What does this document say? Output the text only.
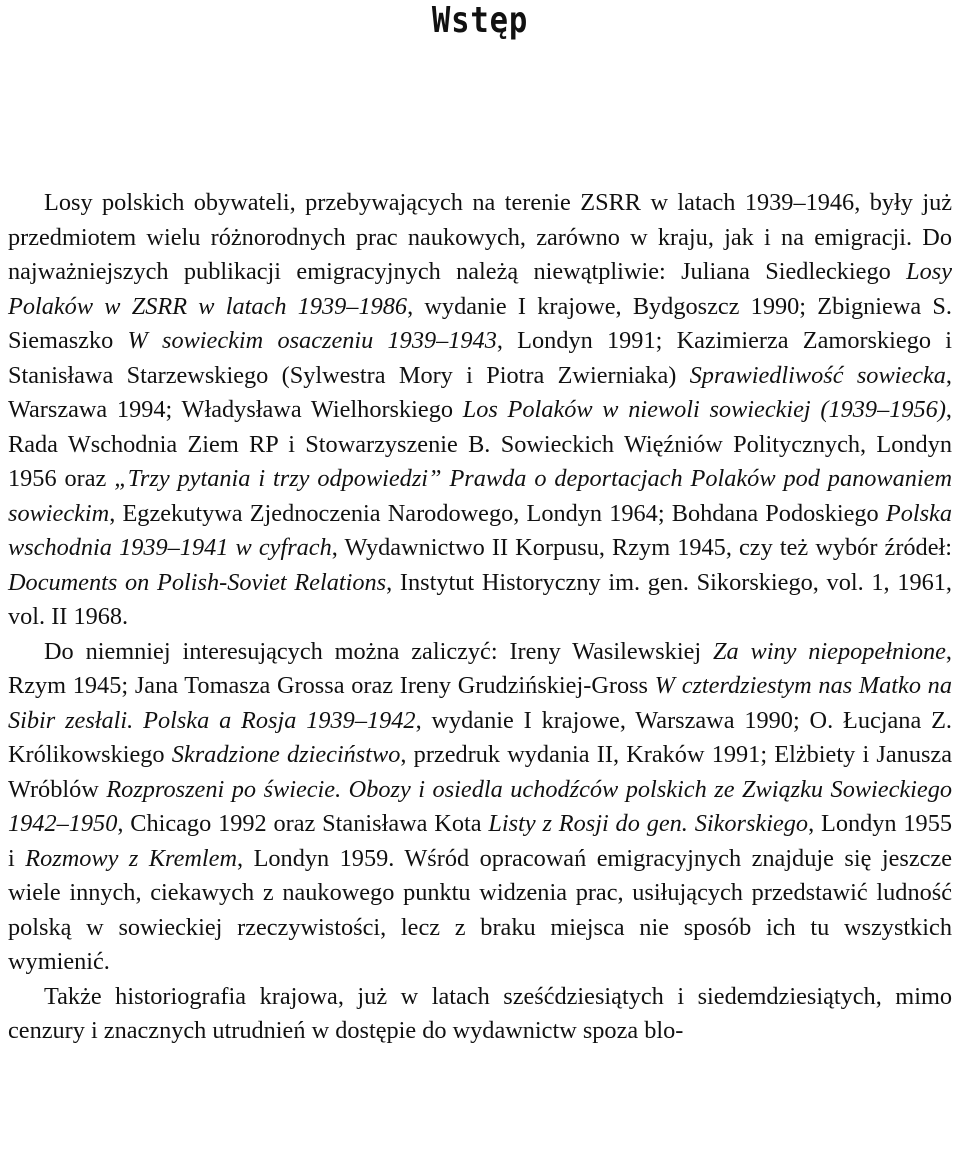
Wstęp

Losy polskich obywateli, przebywających na terenie ZSRR w latach 1939–1946, były już przedmiotem wielu różnorodnych prac naukowych, zarówno w kraju, jak i na emigracji. Do najważniejszych publikacji emigracyjnych należą niewątpliwie: Juliana Siedleckiego Losy Polaków w ZSRR w latach 1939–1986, wydanie I krajowe, Bydgoszcz 1990; Zbigniewa S. Siemaszko W sowieckim osaczeniu 1939–1943, Londyn 1991; Kazimierza Zamorskiego i Stanisława Starzewskiego (Sylwestra Mory i Piotra Zwierniaka) Sprawiedliwość sowiecka, Warszawa 1994; Władysława Wielhorskiego Los Polaków w niewoli sowieckiej (1939–1956), Rada Wschodnia Ziem RP i Stowarzyszenie B. Sowieckich Więźniów Politycznych, Londyn 1956 oraz „Trzy pytania i trzy odpowiedzi” Prawda o deportacjach Polaków pod panowaniem sowieckim, Egzekutywa Zjednoczenia Narodowego, Londyn 1964; Bohdana Podoskiego Polska wschodnia 1939–1941 w cyfrach, Wydawnictwo II Korpusu, Rzym 1945, czy też wybór źródeł: Documents on Polish-Soviet Relations, Instytut Historyczny im. gen. Sikorskiego, vol. 1, 1961, vol. II 1968.

Do niemniej interesujących można zaliczyć: Ireny Wasilewskiej Za winy niepopełnione, Rzym 1945; Jana Tomasza Grossa oraz Ireny Grudzińskiej-Gross W czterdziestym nas Matko na Sibir zesłali. Polska a Rosja 1939–1942, wydanie I krajowe, Warszawa 1990; O. Łucjana Z. Królikowskiego Skradzione dzieciństwo, przedruk wydania II, Kraków 1991; Elżbiety i Janusza Wróblów Rozproszeni po świecie. Obozy i osiedla uchodźców polskich ze Związku Sowieckiego 1942–1950, Chicago 1992 oraz Stanisława Kota Listy z Rosji do gen. Sikorskiego, Londyn 1955 i Rozmowy z Kremlem, Londyn 1959. Wśród opracowań emigracyjnych znajduje się jeszcze wiele innych, ciekawych z naukowego punktu widzenia prac, usiłujących przedstawić ludność polską w sowieckiej rzeczywistości, lecz z braku miejsca nie sposób ich tu wszystkich wymienić.

Także historiografia krajowa, już w latach sześćdziesiątych i siedemdziesiątych, mimo cenzury i znacznych utrudnień w dostępie do wydawnictw spoza blo-
